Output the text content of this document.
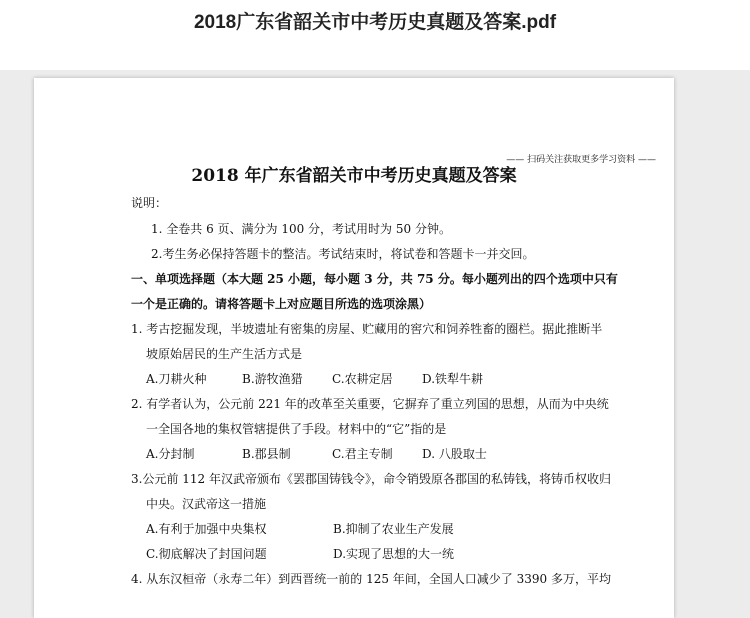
2018广东省韶关市中考历史真题及答案.pdf
—— 扫码关注获取更多学习资料 ——
2018 年广东省韶关市中考历史真题及答案
说明：
1. 全卷共 6 页、满分为 100 分，考试用时为 50 分钟。
2.考生务必保持答题卡的整洁。考试结束时，将试卷和答题卡一并交回。
一、单项选择题（本大题 25 小题，每小题 3 分，共 75 分。每小题列出的四个选项中只有
一个是正确的。请将答题卡上对应题目所选的选项涂黑）
1. 考古挖掘发现，半坡遗址有密集的房屋、贮藏用的窖穴和饲养牲畜的圈栏。据此推断半
坡原始居民的生产生活方式是
A.刀耕火种	B.游牧渔猎 C.农耕定居 D.铁犁牛耕
2. 有学者认为，公元前 221 年的改革至关重要，它摒弃了重立列国的思想，从而为中央统
一全国各地的集权管辖提供了手段。材料中的“它”指的是
A.分封制	B.郡县制	C.君主专制 D. 八股取士
3.公元前 112 年汉武帝颁布《罢郡国铸钱令》，命令销毁原各郡国的私铸钱，将铸币权收归
中央。汉武帝这一措施
A.有利于加强中央集权	B.抑制了农业生产发展
C.彻底解决了封国问题	D.实现了思想的大一统
4. 从东汉桓帝（永寿二年）到西晋统一前的 125 年间，全国人口减少了 3390 多万，平均
